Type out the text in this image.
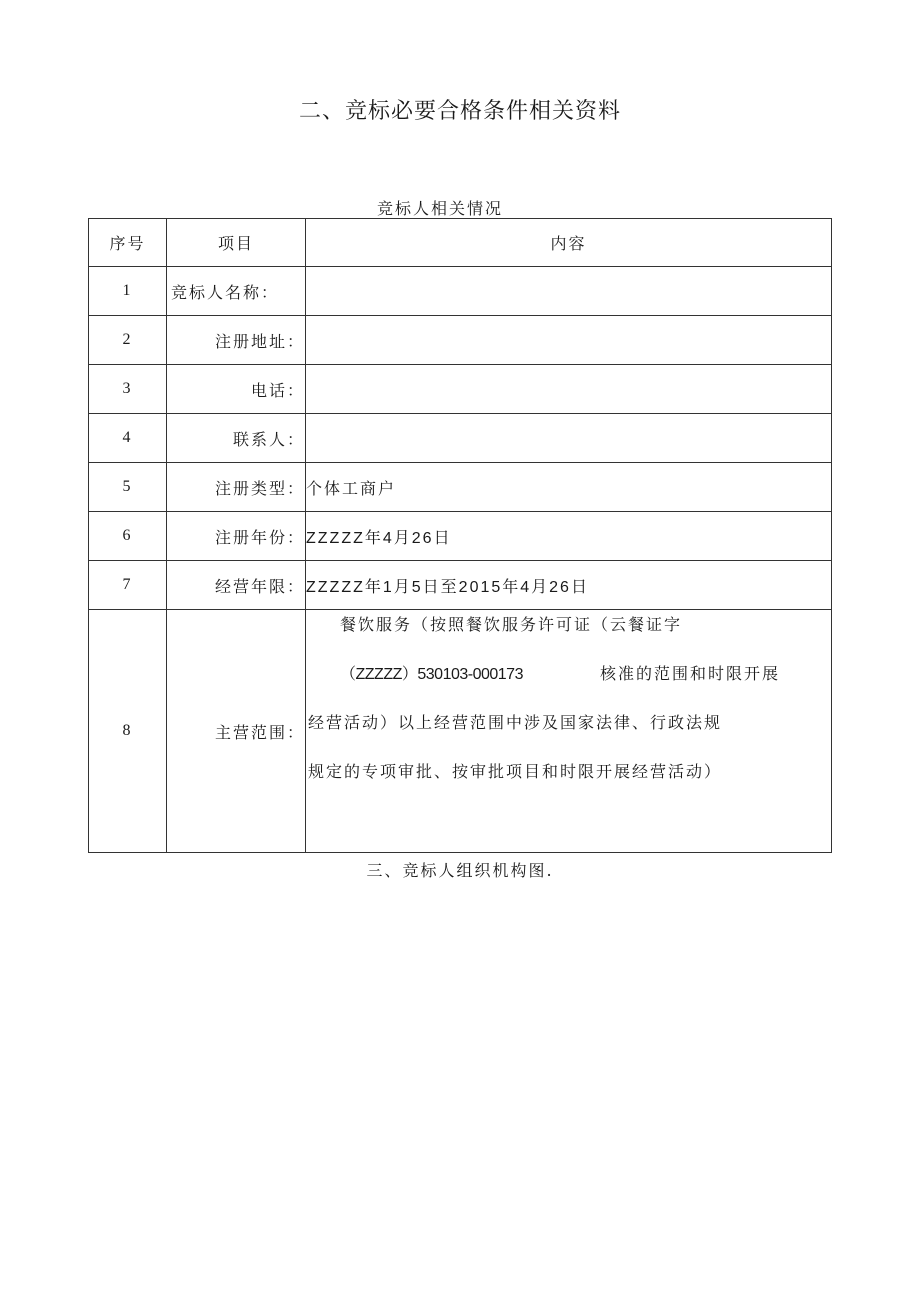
二、竞标必要合格条件相关资料
竞标人相关情况
序号	项目	内容
1	竞标人名称：	
2	注册地址：	
3	电话：	
4	联系人：	
5	注册类型：	个体工商户
6	注册年份：	ZZZZZ年4月26日
7	经营年限：	ZZZZZ年1月5日至2015年4月26日
8	主营范围：	餐饮服务（按照餐饮服务许可证（云餐证字
（ZZZZZ）530103-000173 核准的范围和时限开展
经营活动）以上经营范围中涉及国家法律、行政法规
规定的专项审批、按审批项目和时限开展经营活动）
三、竞标人组织机构图.
